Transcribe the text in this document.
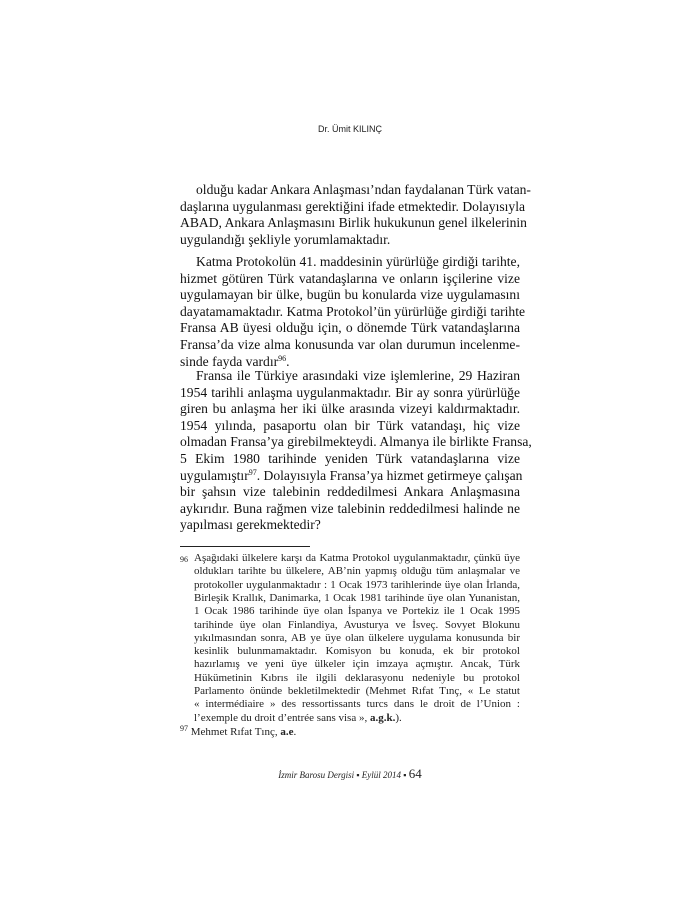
Dr. Ümit KILINÇ
olduğu kadar Ankara Anlaşması’ndan faydalanan Türk vatan-
daşlarına uygulanması gerektiğini ifade etmektedir. Dolayısıyla
ABAD, Ankara Anlaşmasını Birlik hukukunun genel ilkelerinin
uygulandığı şekliyle yorumlamaktadır.
Katma Protokolün 41. maddesinin yürürlüğe girdiği tarihte,
hizmet götüren Türk vatandaşlarına ve onların işçilerine vize
uygulamayan bir ülke, bugün bu konularda vize uygulamasını
dayatamamaktadır. Katma Protokol’ün yürürlüğe girdiği tarihte
Fransa AB üyesi olduğu için, o dönemde Türk vatandaşlarına
Fransa’da vize alma konusunda var olan durumun incelenme-
sinde fayda vardır$^{96}$.
Fransa ile Türkiye arasındaki vize işlemlerine, 29 Haziran
1954 tarihli anlaşma uygulanmaktadır. Bir ay sonra yürürlüğe
giren bu anlaşma her iki ülke arasında vizeyi kaldırmaktadır.
1954 yılında, pasaportu olan bir Türk vatandaşı, hiç vize
olmadan Fransa’ya girebilmekteydi. Almanya ile birlikte Fransa,
5 Ekim 1980 tarihinde yeniden Türk vatandaşlarına vize
uygulamıştır$^{97}$. Dolayısıyla Fransa’ya hizmet getirmeye çalışan
bir şahsın vize talebinin reddedilmesi Ankara Anlaşmasına
aykırıdır. Buna rağmen vize talebinin reddedilmesi halinde ne
yapılması gerekmektedir?
96 Aşağıdaki ülkelere karşı da Katma Protokol uygulanmaktadır, çünkü üye
oldukları tarihte bu ülkelere, AB’nin yapmış olduğu tüm anlaşmalar ve
protokoller uygulanmaktadır : 1 Ocak 1973 tarihlerinde üye olan İrlanda,
Birleşik Krallık, Danimarka, 1 Ocak 1981 tarihinde üye olan Yunanistan,
1 Ocak 1986 tarihinde üye olan İspanya ve Portekiz ile 1 Ocak 1995
tarihinde üye olan Finlandiya, Avusturya ve İsveç. Sovyet Blokunu
yıkılmasından sonra, AB ye üye olan ülkelere uygulama konusunda bir
kesinlik bulunmamaktadır. Komisyon bu konuda, ek bir protokol
hazırlamış ve yeni üye ülkeler için imzaya açmıştır. Ancak, Türk
Hükümetinin Kıbrıs ile ilgili deklarasyonu nedeniyle bu protokol
Parlamento önünde bekletilmektedir (Mehmet Rıfat Tınç, « Le statut
« intermédiaire » des ressortissants turcs dans le droit de l’Union :
l’exemple du droit d’entrée sans visa », a.g.k.).
$^{97}$ Mehmet Rıfat Tınç, a.e.
İzmir Barosu Dergisi ▪ Eylül 2014 ▪ 64
